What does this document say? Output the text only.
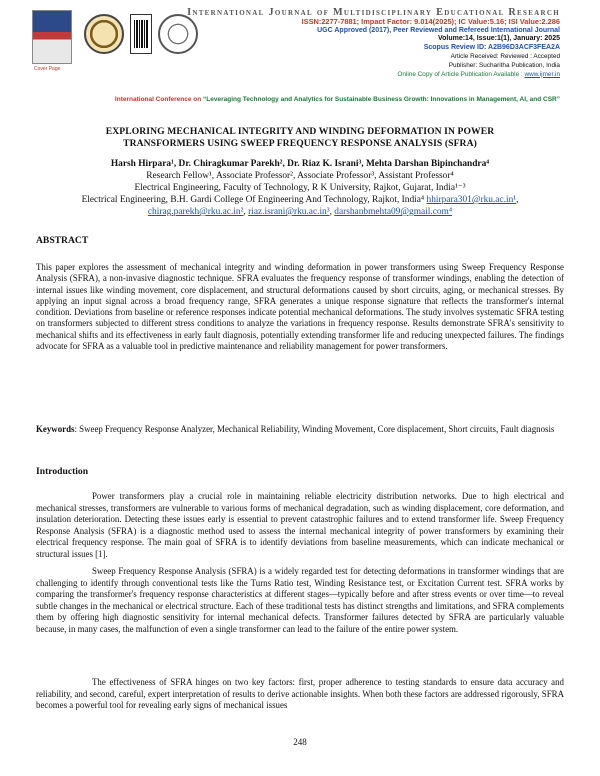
Cover Page
International Journal of Multidisciplinary Educational Research
ISSN:2277-7881; Impact Factor: 9.014(2025); IC Value:5.16; ISI Value:2.286
UGC Approved (2017), Peer Reviewed and Refereed International Journal
Volume:14, Issue:1(1), January: 2025
Scopus Review ID: A2B96D3ACF3FEA2A
Article Received: Reviewed : Accepted
Publisher: Sucharitha Publication, India
Online Copy of Article Publication Available : www.ijmer.in
International Conference on “Leveraging Technology and Analytics for Sustainable Business Growth: Innovations in Management, AI, and CSR”
EXPLORING MECHANICAL INTEGRITY AND WINDING DEFORMATION IN POWER
TRANSFORMERS USING SWEEP FREQUENCY RESPONSE ANALYSIS (SFRA)
Harsh Hirpara¹, Dr. Chiragkumar Parekh², Dr. Riaz K. Israni³, Mehta Darshan Bipinchandra⁴
Research Fellow¹, Associate Professor², Associate Professor³, Assistant Professor⁴
Electrical Engineering, Faculty of Technology, R K University, Rajkot, Gujarat, India¹⁻³
Electrical Engineering, B.H. Gardi College Of Engineering And Technology, Rajkot, India⁴ hhirpara301@rku.ac.in¹,
chirag.parekh@rku.ac.in², riaz.israni@rku.ac.in³, darshanbmehta09@gmail.com⁴
ABSTRACT

This paper explores the assessment of mechanical integrity and winding deformation in power transformers using Sweep Frequency Response Analysis (SFRA), a non-invasive diagnostic technique. SFRA evaluates the frequency response of transformer windings, enabling the detection of internal issues like winding movement, core displacement, and structural deformations caused by short circuits, aging, or mechanical stresses. By applying an input signal across a broad frequency range, SFRA generates a unique response signature that reflects the transformer's internal condition. Deviations from baseline or reference responses indicate potential mechanical deformations. The study involves systematic SFRA testing on transformers subjected to different stress conditions to analyze the variations in frequency response. Results demonstrate SFRA's sensitivity to mechanical shifts and its effectiveness in early fault diagnosis, potentially extending transformer life and reducing unexpected failures. The findings advocate for SFRA as a valuable tool in predictive maintenance and reliability management for power transformers.

Keywords: Sweep Frequency Response Analyzer, Mechanical Reliability, Winding Movement, Core displacement, Short circuits, Fault diagnosis

Introduction

Power transformers play a crucial role in maintaining reliable electricity distribution networks. Due to high electrical and mechanical stresses, transformers are vulnerable to various forms of mechanical degradation, such as winding displacement, core deformation, and insulation deterioration. Detecting these issues early is essential to prevent catastrophic failures and to extend transformer life. Sweep Frequency Response Analysis (SFRA) is a diagnostic method used to assess the internal mechanical integrity of power transformers by examining their electrical frequency response. The main goal of SFRA is to identify deviations from baseline measurements, which can indicate mechanical or structural issues [1].

Sweep Frequency Response Analysis (SFRA) is a widely regarded test for detecting deformations in transformer windings that are challenging to identify through conventional tests like the Turns Ratio test, Winding Resistance test, or Excitation Current test. SFRA works by comparing the transformer's frequency response characteristics at different stages—typically before and after stress events or over time—to reveal subtle changes in the mechanical or electrical structure. Each of these traditional tests has distinct strengths and limitations, and SFRA complements them by offering high diagnostic sensitivity for internal mechanical defects. Transformer failures detected by SFRA are particularly valuable because, in many cases, the malfunction of even a single transformer can lead to the failure of the entire power system.

The effectiveness of SFRA hinges on two key factors: first, proper adherence to testing standards to ensure data accuracy and reliability, and second, careful, expert interpretation of results to derive actionable insights. When both these factors are addressed rigorously, SFRA becomes a powerful tool for revealing early signs of mechanical issues

248
